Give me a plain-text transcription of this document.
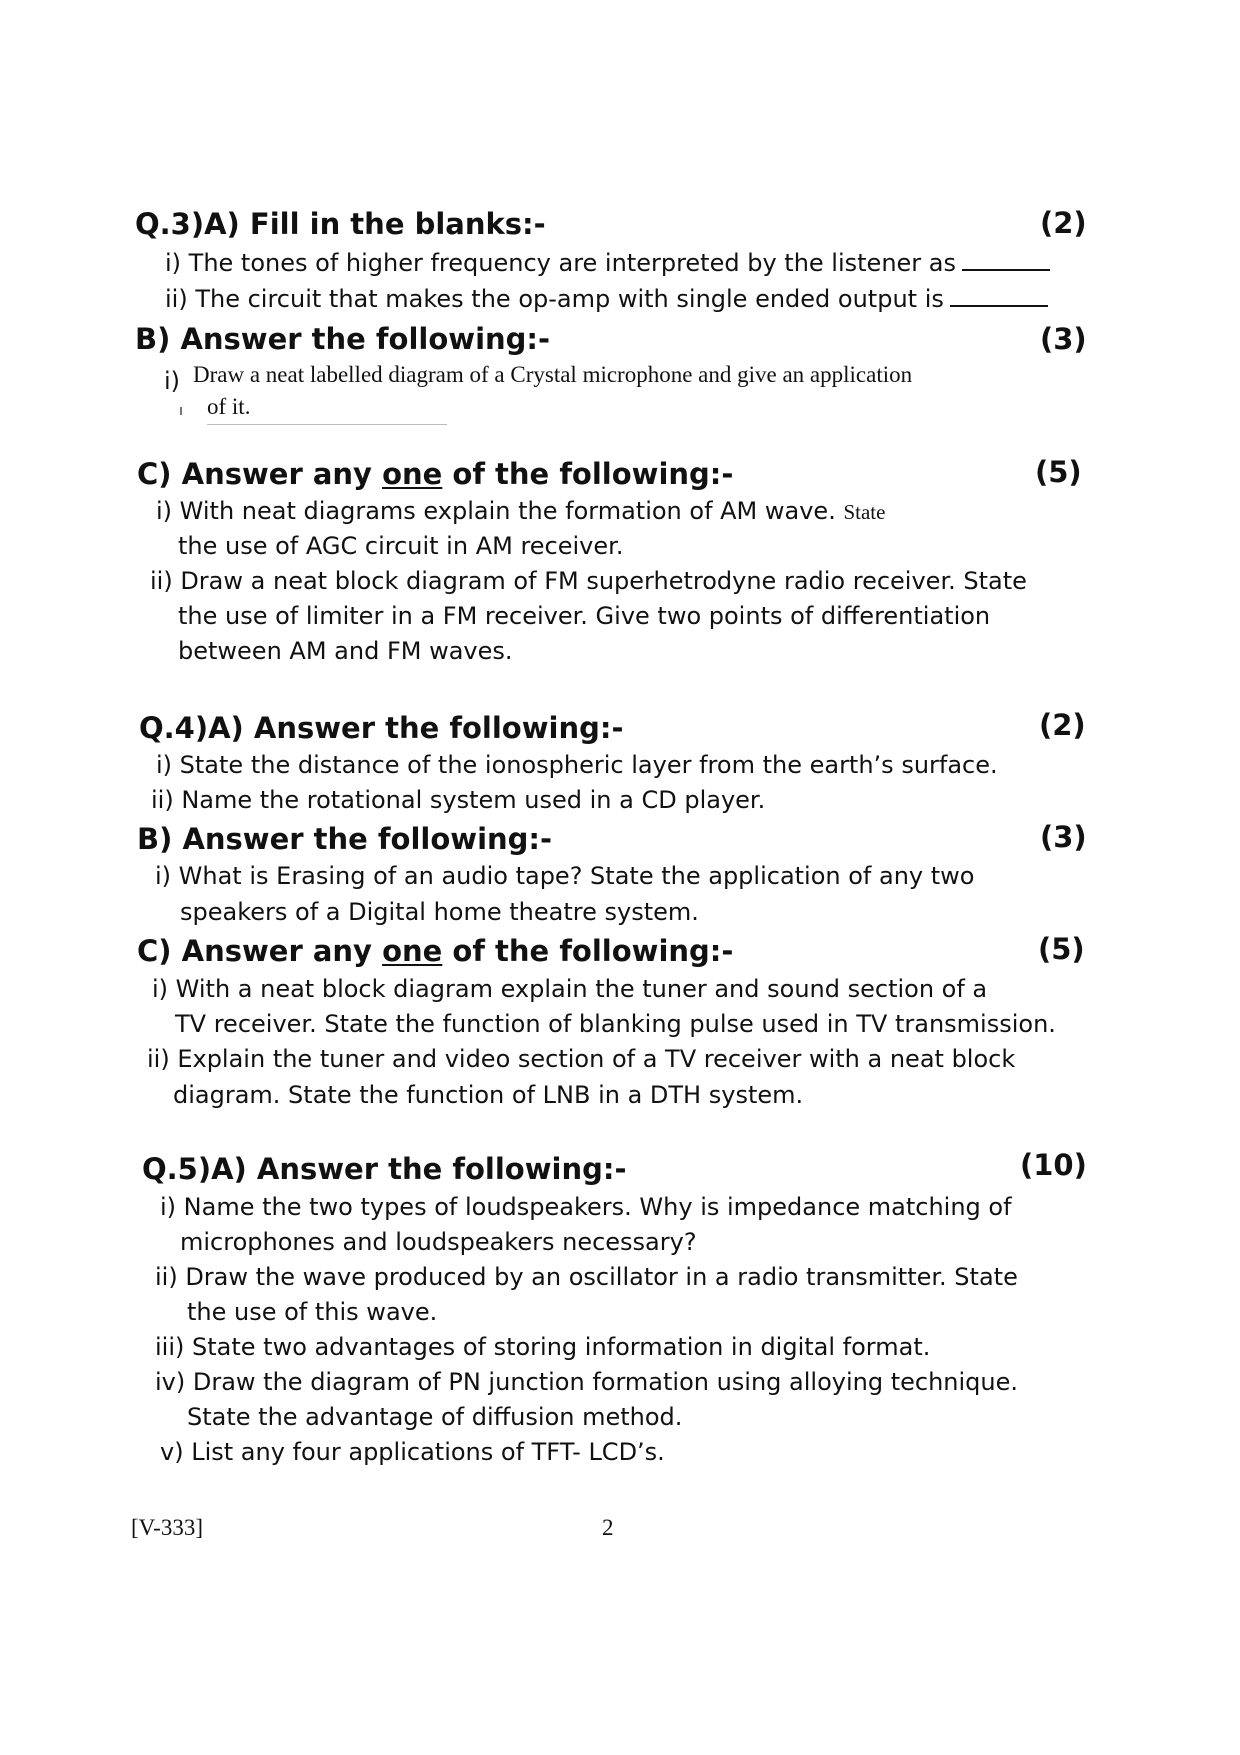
Q.3)A) Fill in the blanks:-	(2)
i) The tones of higher frequency are interpreted by the listener as
ii) The circuit that makes the op-amp with single ended output is
B) Answer the following:-	(3)
i) Draw a neat labelled diagram of a Crystal microphone and give an application
of it.
C) Answer any one of the following:-	(5)
i) With neat diagrams explain the formation of AM wave. State
the use of AGC circuit in AM receiver.
ii) Draw a neat block diagram of FM superhetrodyne radio receiver. State
the use of limiter in a FM receiver. Give two points of differentiation
between AM and FM waves.
Q.4)A) Answer the following:-	(2)
i) State the distance of the ionospheric layer from the earth’s surface.
ii) Name the rotational system used in a CD player.
B) Answer the following:-	(3)
i) What is Erasing of an audio tape? State the application of any two
speakers of a Digital home theatre system.
C) Answer any one of the following:-	(5)
i) With a neat block diagram explain the tuner and sound section of a
TV receiver. State the function of blanking pulse used in TV transmission.
ii) Explain the tuner and video section of a TV receiver with a neat block
diagram. State the function of LNB in a DTH system.
Q.5)A) Answer the following:-	(10)
i) Name the two types of loudspeakers. Why is impedance matching of
microphones and loudspeakers necessary?
ii) Draw the wave produced by an oscillator in a radio transmitter. State
the use of this wave.
iii) State two advantages of storing information in digital format.
iv) Draw the diagram of PN junction formation using alloying technique.
State the advantage of diffusion method.
v) List any four applications of TFT- LCD’s.
[V-333]	2
